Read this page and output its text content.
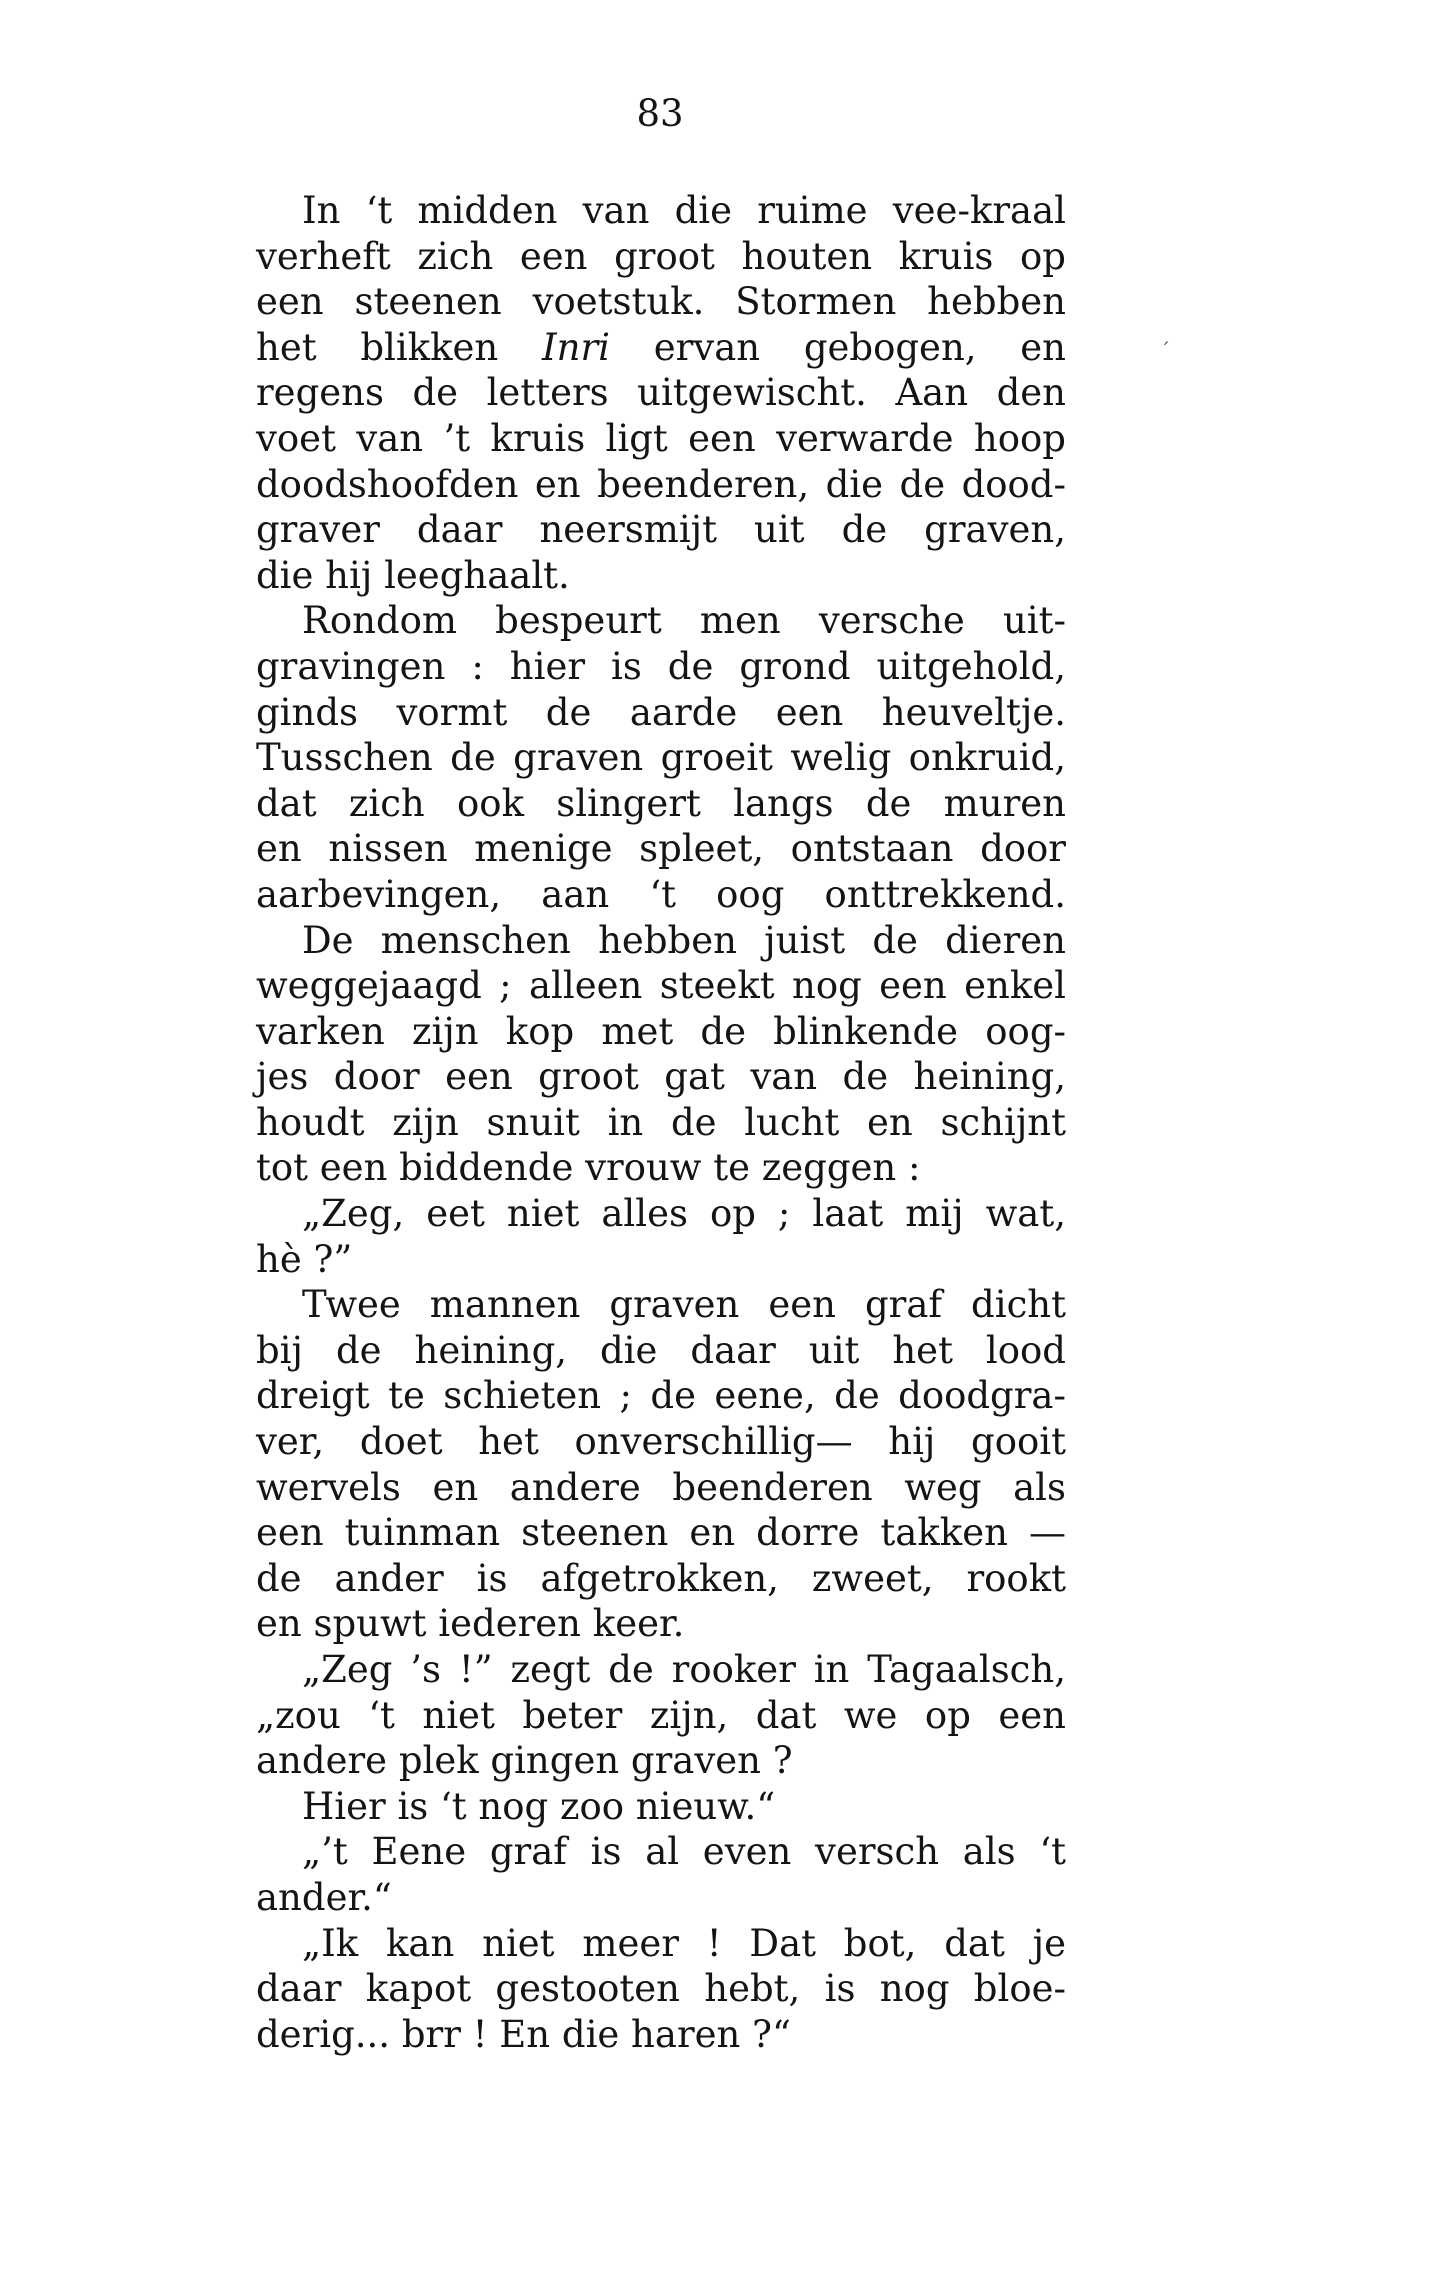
83
In ‘t midden van die ruime vee-kraal
verheft zich een groot houten kruis op
een steenen voetstuk. Stormen hebben
het blikken Inri ervan gebogen, en
regens de letters uitgewischt. Aan den
voet van ’t kruis ligt een verwarde hoop
doodshoofden en beenderen, die de dood-
graver daar neersmijt uit de graven,
die hij leeghaalt.
Rondom bespeurt men versche uit-
gravingen : hier is de grond uitgehold,
ginds vormt de aarde een heuveltje.
Tusschen de graven groeit welig onkruid,
dat zich ook slingert langs de muren
en nissen menige spleet, ontstaan door
aarbevingen, aan ‘t oog onttrekkend.
De menschen hebben juist de dieren
weggejaagd ; alleen steekt nog een enkel
varken zijn kop met de blinkende oog-
jes door een groot gat van de heining,
houdt zijn snuit in de lucht en schijnt
tot een biddende vrouw te zeggen :
„Zeg, eet niet alles op ; laat mij wat,
hè ?”
Twee mannen graven een graf dicht
bij de heining, die daar uit het lood
dreigt te schieten ; de eene, de doodgra-
ver, doet het onverschillig— hij gooit
wervels en andere beenderen weg als
een tuinman steenen en dorre takken —
de ander is afgetrokken, zweet, rookt
en spuwt iederen keer.
„Zeg ’s !” zegt de rooker in Tagaalsch,
„zou ‘t niet beter zijn, dat we op een
andere plek gingen graven ?
Hier is ‘t nog zoo nieuw.“
„’t Eene graf is al even versch als ‘t
ander.“
„Ik kan niet meer ! Dat bot, dat je
daar kapot gestooten hebt, is nog bloe-
derig... brr ! En die haren ?“
´
